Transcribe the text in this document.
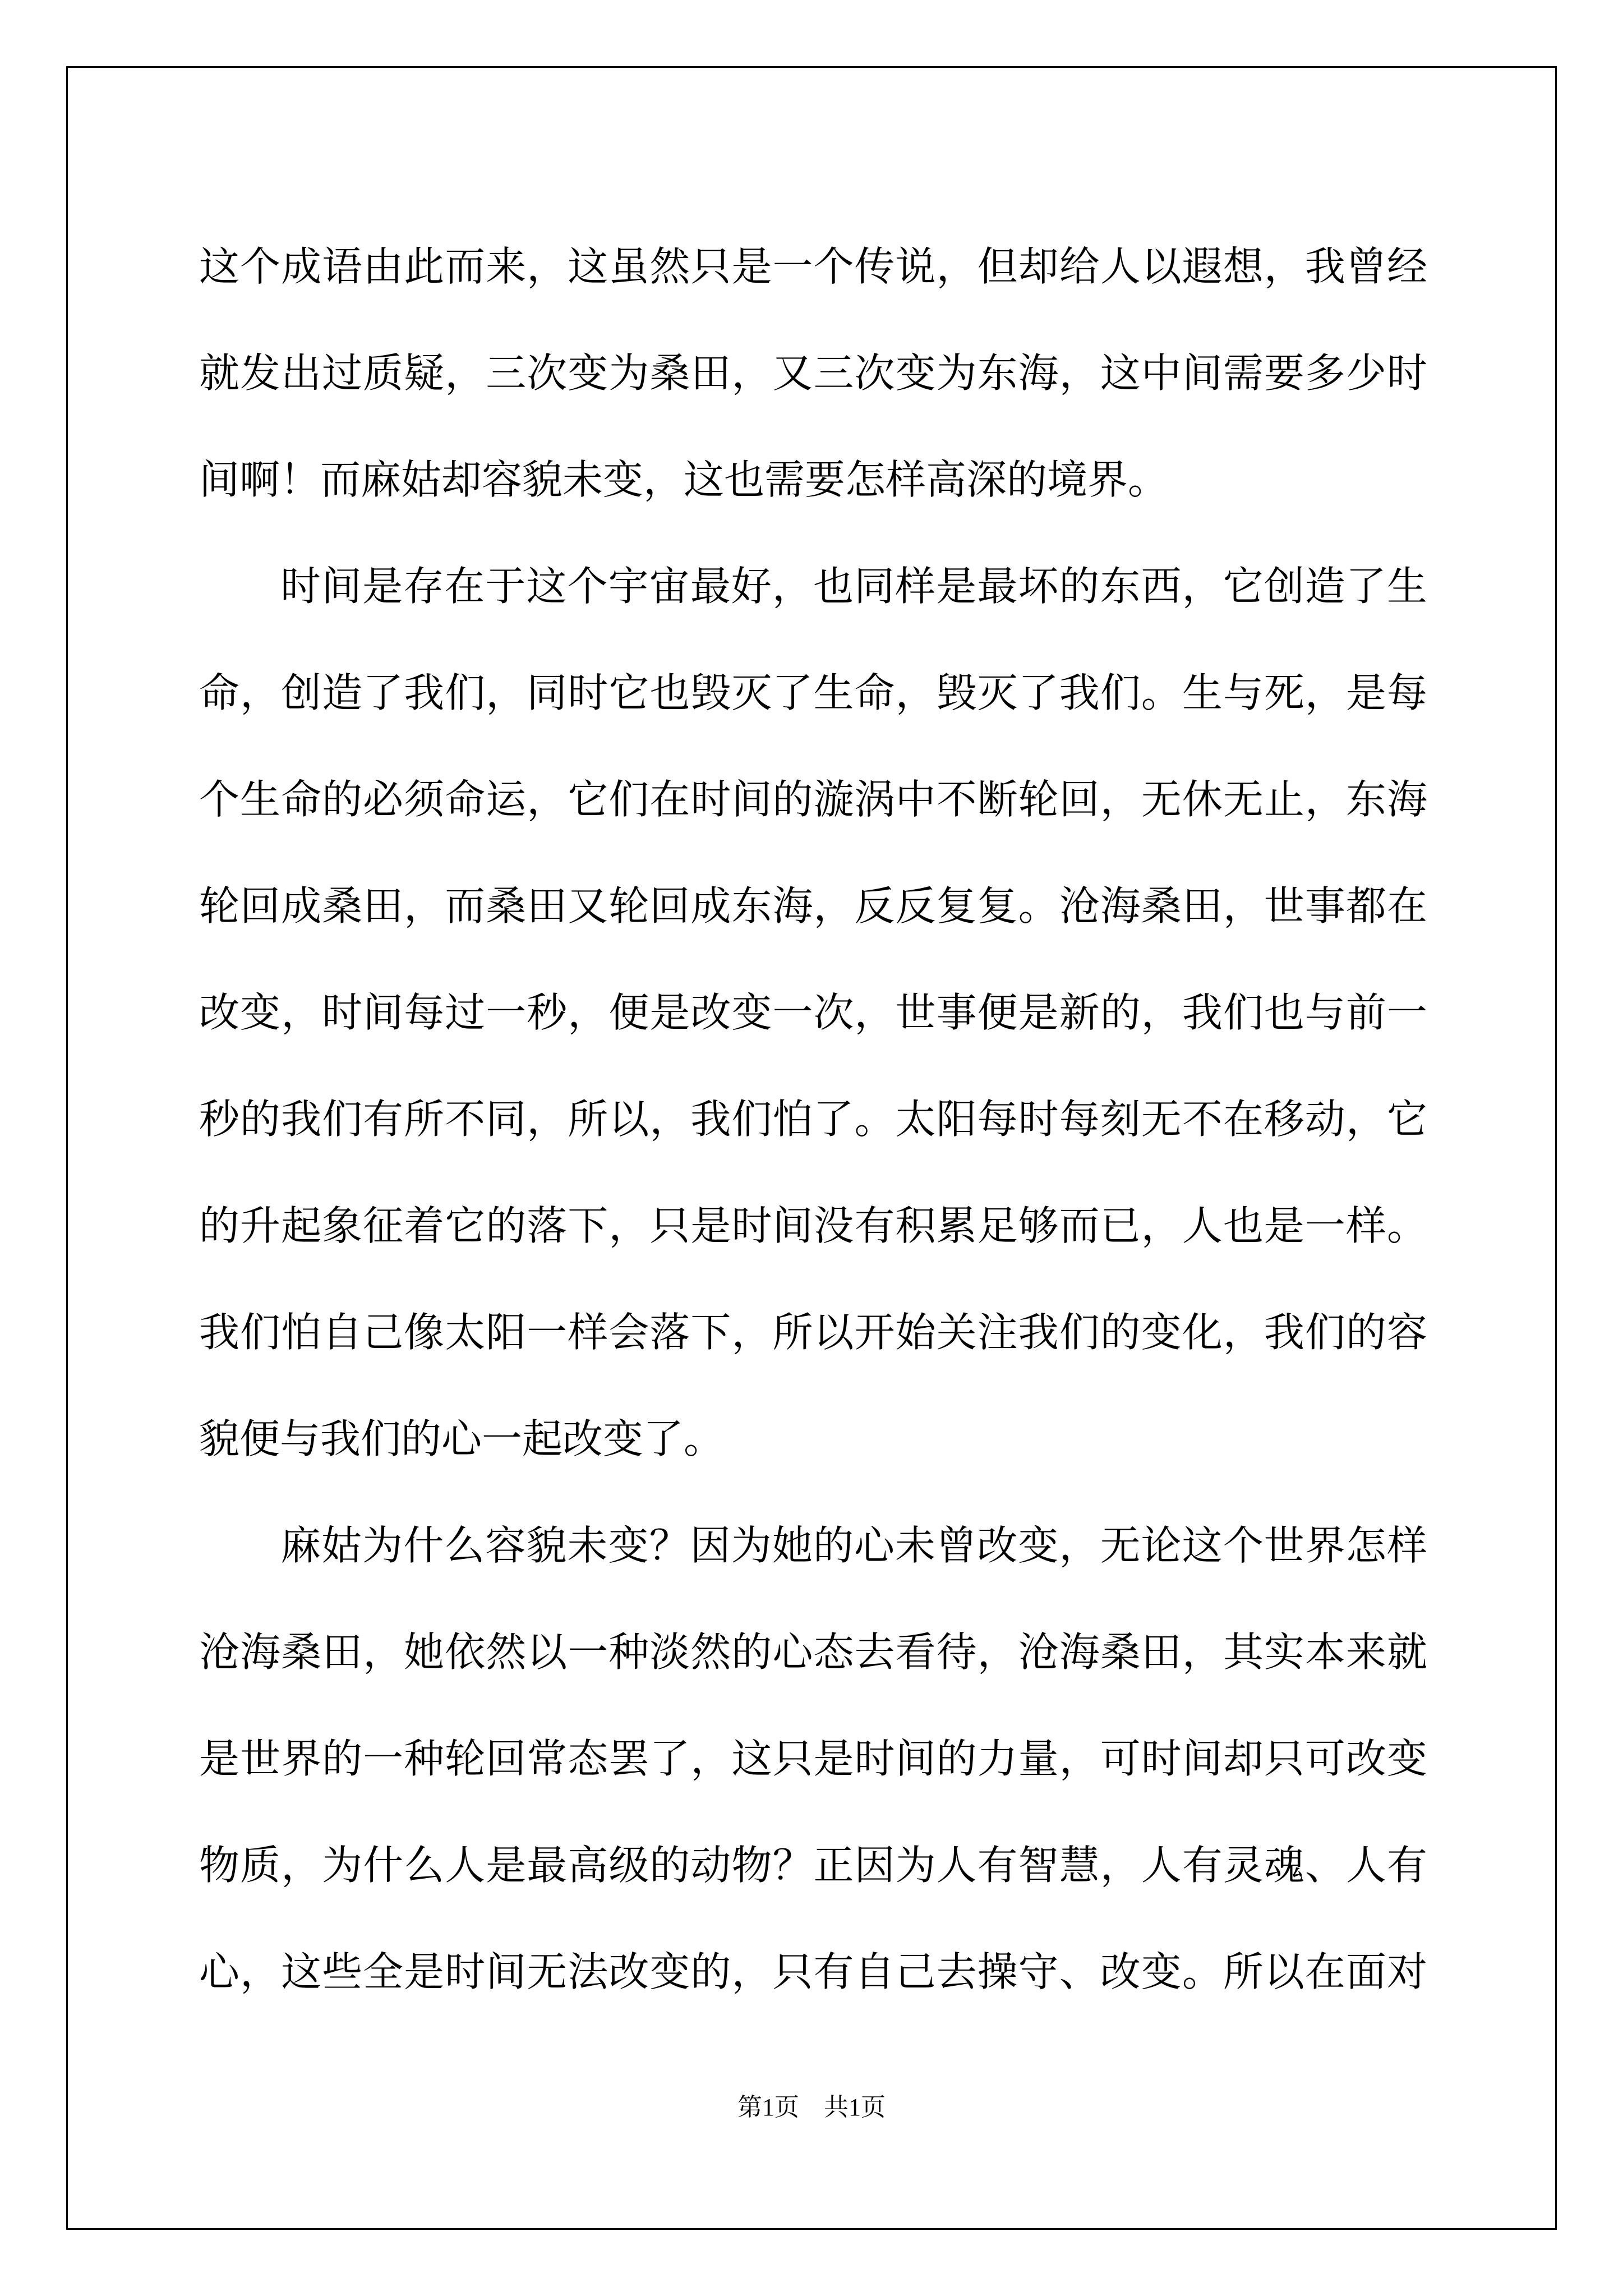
这个成语由此而来，这虽然只是一个传说，但却给人以遐想，我曾经
就发出过质疑，三次变为桑田，又三次变为东海，这中间需要多少时
间啊！而麻姑却容貌未变，这也需要怎样高深的境界。
时间是存在于这个宇宙最好，也同样是最坏的东西，它创造了生
命，创造了我们，同时它也毁灭了生命，毁灭了我们。生与死，是每
个生命的必须命运，它们在时间的漩涡中不断轮回，无休无止，东海
轮回成桑田，而桑田又轮回成东海，反反复复。沧海桑田，世事都在
改变，时间每过一秒，便是改变一次，世事便是新的，我们也与前一
秒的我们有所不同，所以，我们怕了。太阳每时每刻无不在移动，它
的升起象征着它的落下，只是时间没有积累足够而已，人也是一样。
我们怕自己像太阳一样会落下，所以开始关注我们的变化，我们的容
貌便与我们的心一起改变了。
麻姑为什么容貌未变？因为她的心未曾改变，无论这个世界怎样
沧海桑田，她依然以一种淡然的心态去看待，沧海桑田，其实本来就
是世界的一种轮回常态罢了，这只是时间的力量，可时间却只可改变
物质，为什么人是最高级的动物？正因为人有智慧，人有灵魂、人有
心，这些全是时间无法改变的，只有自己去操守、改变。所以在面对
第1页　共1页
